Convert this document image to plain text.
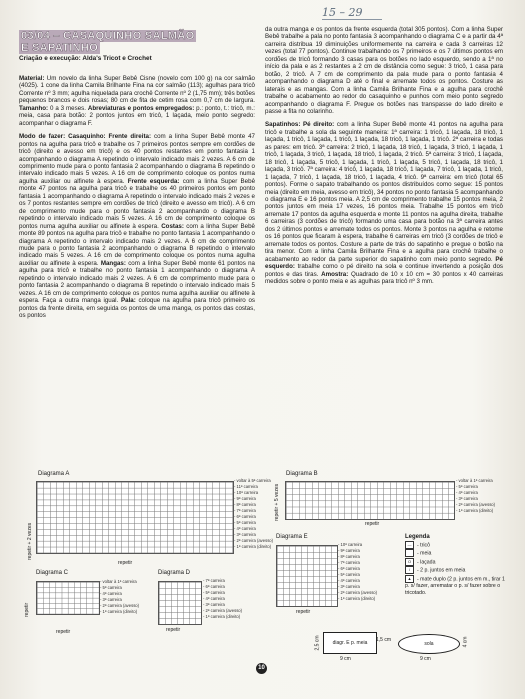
15 – 29
03/04 – CASAQUINHO SALMÃO
E SAPATINHO
Criação e execução: Alda's Tricot e Crochet

Material: Um novelo da linha Super Bebê Cisne (novelo com 100 g) na cor salmão (4025). 1 cone da linha Camila Brilhante Fina na cor salmão (113); agulhas para tricô Corrente nº 3 mm; agulha niquelada para crochê Corrente nº 2 (1,75 mm); três botões pequenos brancos e dois rosas; 80 cm de fita de cetim rosa com 0,7 cm de largura. Tamanho: 0 a 3 meses. Abreviaturas e pontos empregados: p.: ponto, t.: tricô, m.: meia, casa para botão: 2 pontos juntos em tricô, 1 laçada, meio ponto segredo: acompanhar o diagrama F.

Modo de fazer: Casaquinho: Frente direita: com a linha Super Bebê monte 47 pontos na agulha para tricô e trabalhe os 7 primeiros pontos sempre em cordões de tricô (direito e avesso em tricô) e os 40 pontos restantes em ponto fantasia 1 acompanhando o diagrama A repetindo o intervalo indicado mais 2 vezes. A 6 cm de comprimento mude para o ponto fantasia 2 acompanhando o diagrama B repetindo o intervalo indicado mais 5 vezes. A 16 cm de comprimento coloque os pontos numa agulha auxiliar ou alfinete à espera. Frente esquerda: com a linha Super Bebê monte 47 pontos na agulha para tricô e trabalhe os 40 primeiros pontos em ponto fantasia 1 acompanhando o diagrama A repetindo o intervalo indicado mais 2 vezes e os 7 pontos restantes sempre em cordões de tricô (direito e avesso em tricô). A 6 cm de comprimento mude para o ponto fantasia 2 acompanhando o diagrama B repetindo o intervalo indicado mais 5 vezes. A 16 cm de comprimento coloque os pontos numa agulha auxiliar ou alfinete à espera. Costas: com a linha Super Bebê monte 89 pontos na agulha para tricô e trabalhe no ponto fantasia 1 acompanhando o diagrama A repetindo o intervalo indicado mais 2 vezes. A 6 cm de comprimento mude para o ponto fantasia 2 acompanhando o diagrama B repetindo o intervalo indicado mais 5 vezes. A 16 cm de comprimento coloque os pontos numa agulha auxiliar ou alfinete à espera. Mangas: com a linha Super Bebê monte 61 pontos na agulha para tricô e trabalhe no ponto fantasia 1 acompanhando o diagrama A repetindo o intervalo indicado mais 2 vezes. A 6 cm de comprimento mude para o ponto fantasia 2 acompanhando o diagrama B repetindo o intervalo indicado mais 5 vezes. A 16 cm de comprimento coloque os pontos numa agulha auxiliar ou alfinete à espera. Faça a outra manga igual. Pala: coloque na agulha para tricô primeiro os pontos da frente direita, em seguida os pontos de uma manga, os pontos das costas, os pontos

da outra manga e os pontos da frente esquerda (total 305 pontos). Com a linha Super Bebê trabalhe a pala no ponto fantasia 3 acompanhando o diagrama C e a partir da 4ª carreira distribua 19 diminuições uniformemente na carreira e cada 3 carreiras 12 vezes (total 77 pontos). Continue trabalhando os 7 primeiros e os 7 últimos pontos em cordões de tricô formando 3 casas para os botões no lado esquerdo, sendo a 1ª no início da pala e as 2 restantes a 2 cm de distância como segue: 3 tricô, 1 casa para botão, 2 tricô. A 7 cm de comprimento da pala mude para o ponto fantasia 4 acompanhando o diagrama D até o final e arremate todos os pontos. Costure as laterais e as mangas. Com a linha Camila Brilhante Fina e a agulha para crochê trabalhe o acabamento ao redor do casaquinho e punhos com meio ponto segredo acompanhando o diagrama F. Pregue os botões nas transpasse do lado direito e passe a fita no colarinho.

Sapatinhos: Pé direito: com a linha Super Bebê monte 41 pontos na agulha para tricô e trabalhe a sola da seguinte maneira: 1ª carreira: 1 tricô, 1 laçada, 18 tricô, 1 laçada, 1 tricô, 1 laçada, 1 tricô, 1 laçada, 18 tricô, 1 laçada, 1 tricô. 2ª carreira e todas as pares: em tricô. 3ª carreira: 2 tricô, 1 laçada, 18 tricô, 1 laçada, 3 tricô, 1 laçada, 1 tricô, 1 laçada, 3 tricô, 1 laçada, 18 tricô, 1 laçada, 2 tricô. 5ª carreira: 3 tricô, 1 laçada, 18 tricô, 1 laçada, 5 tricô, 1 laçada, 1 tricô, 1 laçada, 5 tricô, 1 laçada, 18 tricô, 1 laçada, 3 tricô. 7ª carreira: 4 tricô, 1 laçada, 18 tricô, 1 laçada, 7 tricô, 1 laçada, 1 tricô, 1 laçada, 7 tricô, 1 laçada, 18 tricô, 1 laçada, 4 tricô. 9ª carreira: em tricô (total 65 pontos). Forme o sapato trabalhando os pontos distribuídos como segue: 15 pontos meia (direito em meia, avesso em tricô), 34 pontos no ponto fantasia 5 acompanhando o diagrama E e 16 pontos meia. A 2,5 cm de comprimento trabalhe 15 pontos meia, 2 pontos juntos em meia 17 vezes, 16 pontos meia. Trabalhe 15 pontos em tricô arremate 17 pontos da agulha esquerda e monte 11 pontos na agulha direita, trabalhe 6 carreiras (3 cordões de tricô) formando uma casa para botão na 3ª carreira antes dos 2 últimos pontos e arremate todos os pontos. Monte 3 pontos na agulha e retome os 16 pontos que ficaram à espera, trabalhe 6 carreiras em tricô (3 cordões de tricô e arremate todos os pontos. Costure a parte de trás do sapatinho e pregue o botão na tira menor. Com a linha Camila Brilhante Fina e a agulha para crochê trabalhe o acabamento ao redor da parte superior do sapatinho com meio ponto segredo. Pé esquerdo: trabalhe como o pé direito na sola e continue invertendo a posição dos pontos e das tiras. Amostra: Quadrado de 10 x 10 cm = 30 pontos x 40 carreiras medidos sobre o ponto meia e as agulhas para tricô nº 3 mm.

Diagrama A
repetir + 2 vezes
- voltar à 5ª carreira
- 11ª carreira
- 10ª carreira
- 9ª carreira
- 8ª carreira
- 7ª carreira
- 6ª carreira
- 5ª carreira
- 4ª carreira
- 3ª carreira
- 2ª carreira (avesso)
- 1ª carreira (direito)
repetir
Diagrama B
repetir + 5 vezes
- voltar à 1ª carreira
- 5ª carreira
- 4ª carreira
- 3ª carreira
- 2ª carreira (avesso)
- 1ª carreira (direito)
repetir
Diagrama C
repetir
- voltar à 1ª carreira
- 5ª carreira
- 4ª carreira
- 3ª carreira
- 2ª carreira (avesso)
- 1ª carreira (direito)
repetir
Diagrama D
- 7ª carreira
- 6ª carreira
- 5ª carreira
- 4ª carreira
- 3ª carreira
- 2ª carreira (avesso)
- 1ª carreira (direito)
repetir
Diagrama E
- 10ª carreira
- 9ª carreira
- 8ª carreira
- 7ª carreira
- 6ª carreira
- 5ª carreira
- 4ª carreira
- 3ª carreira
- 2ª carreira (avesso)
- 1ª carreira (direito)
repetir
Legenda
— - tricô
- meia
O - laçada
/ - 2 p. juntos em meia
▲ - mate duplo (2 p. juntos em m., tirar 1 p. s/ fazer, arrematar o p. s/ fazer sobre o tricotado.
diagr. E p. meia
2,5 cm	1,5 cm
9 cm
sola	4 cm
9 cm
10
